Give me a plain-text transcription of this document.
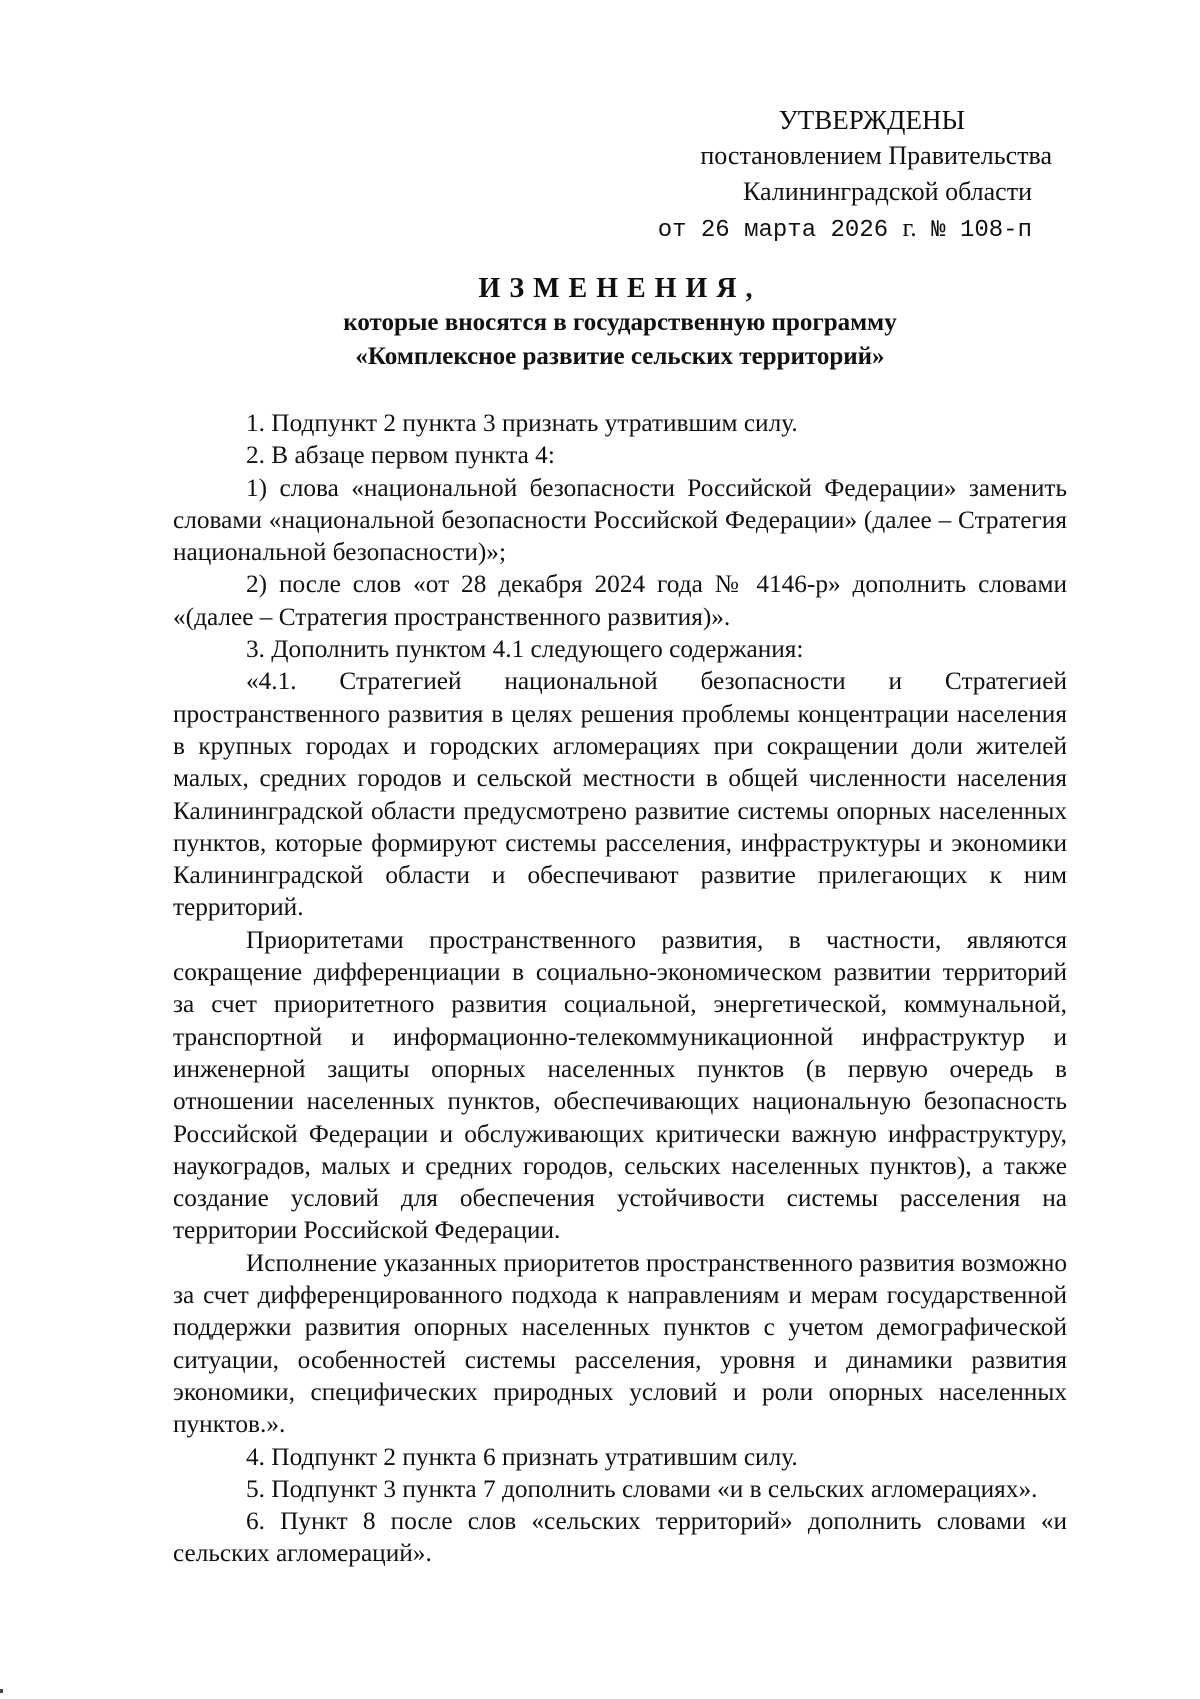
УТВЕРЖДЕНЫ
постановлением Правительства
Калининградской области
от 26 марта 2026 г. № 108-п
ИЗМЕНЕНИЯ,
которые вносятся в государственную программу
«Комплексное развитие сельских территорий»

1. Подпункт 2 пункта 3 признать утратившим силу.

2. В абзаце первом пункта 4:

1) слова «национальной безопасности Российской Федерации» заменить словами «национальной безопасности Российской Федерации» (далее – Стратегия национальной безопасности)»;

2) после слов «от 28 декабря 2024 года № 4146-р» дополнить словами «(далее – Стратегия пространственного развития)».

3. Дополнить пунктом 4.1 следующего содержания:

«4.1. Стратегией национальной безопасности и Стратегией пространственного развития в целях решения проблемы концентрации населения в крупных городах и городских агломерациях при сокращении доли жителей малых, средних городов и сельской местности в общей численности населения Калининградской области предусмотрено развитие системы опорных населенных пунктов, которые формируют системы расселения, инфраструктуры и экономики Калининградской области и обеспечивают развитие прилегающих к ним территорий.

Приоритетами пространственного развития, в частности, являются сокращение дифференциации в социально-экономическом развитии территорий за счет приоритетного развития социальной, энергетической, коммунальной, транспортной и информационно-телекоммуникационной инфраструктур и инженерной защиты опорных населенных пунктов (в первую очередь в отношении населенных пунктов, обеспечивающих национальную безопасность Российской Федерации и обслуживающих критически важную инфраструктуру, наукоградов, малых и средних городов, сельских населенных пунктов), а также создание условий для обеспечения устойчивости системы расселения на территории Российской Федерации.

Исполнение указанных приоритетов пространственного развития возможно за счет дифференцированного подхода к направлениям и мерам государственной поддержки развития опорных населенных пунктов с учетом демографической ситуации, особенностей системы расселения, уровня и динамики развития экономики, специфических природных условий и роли опорных населенных пунктов.».

4. Подпункт 2 пункта 6 признать утратившим силу.

5. Подпункт 3 пункта 7 дополнить словами «и в сельских агломерациях».

6. Пункт 8 после слов «сельских территорий» дополнить словами «и сельских агломераций».
